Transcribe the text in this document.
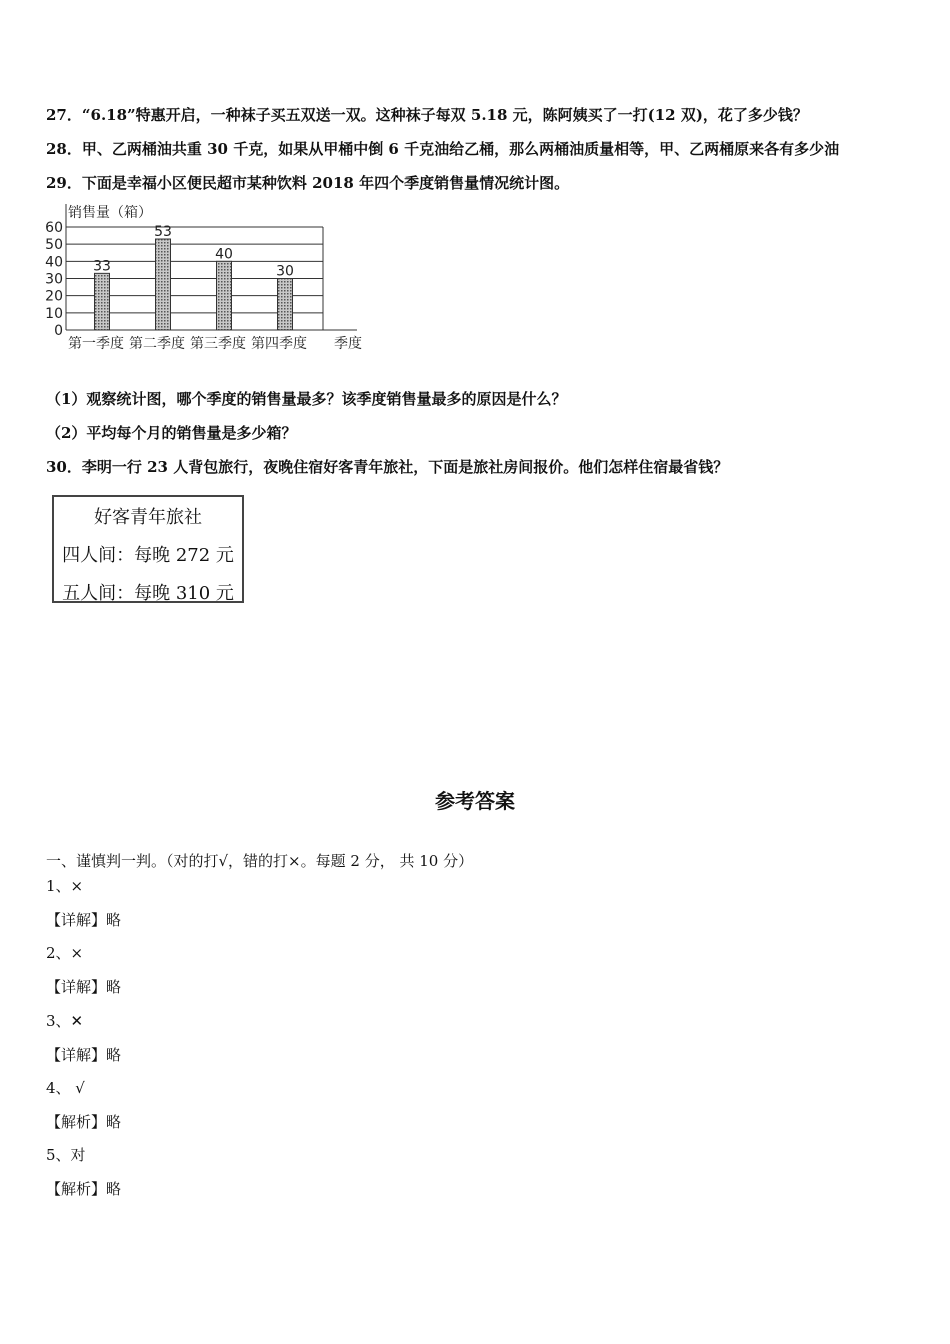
27．“6.18”特惠开启，一种袜子买五双送一双。这种袜子每双 5.18 元，陈阿姨买了一打(12 双)，花了多少钱？
28．甲、乙两桶油共重 30 千克，如果从甲桶中倒 6 千克油给乙桶，那么两桶油质量相等，甲、乙两桶原来各有多少油
29．下面是幸福小区便民超市某种饮料 2018 年四个季度销售量情况统计图。
销售量（箱）
33
53
40
30
0
10
20
30
40
50
60
第一季度 第二季度 第三季度 第四季度 季度
（1）观察统计图，哪个季度的销售量最多？该季度销售量最多的原因是什么？
（2）平均每个月的销售量是多少箱？
30．李明一行 23 人背包旅行，夜晚住宿好客青年旅社，下面是旅社房间报价。他们怎样住宿最省钱？
好客青年旅社
四人间：每晚 272 元
五人间：每晚 310 元
参考答案
一、谨慎判一判。（对的打√，错的打×。每题 2 分， 共 10 分）
1、×
【详解】略
2、×
【详解】略
3、✕
【详解】略
4、 √
【解析】略
5、对
【解析】略
